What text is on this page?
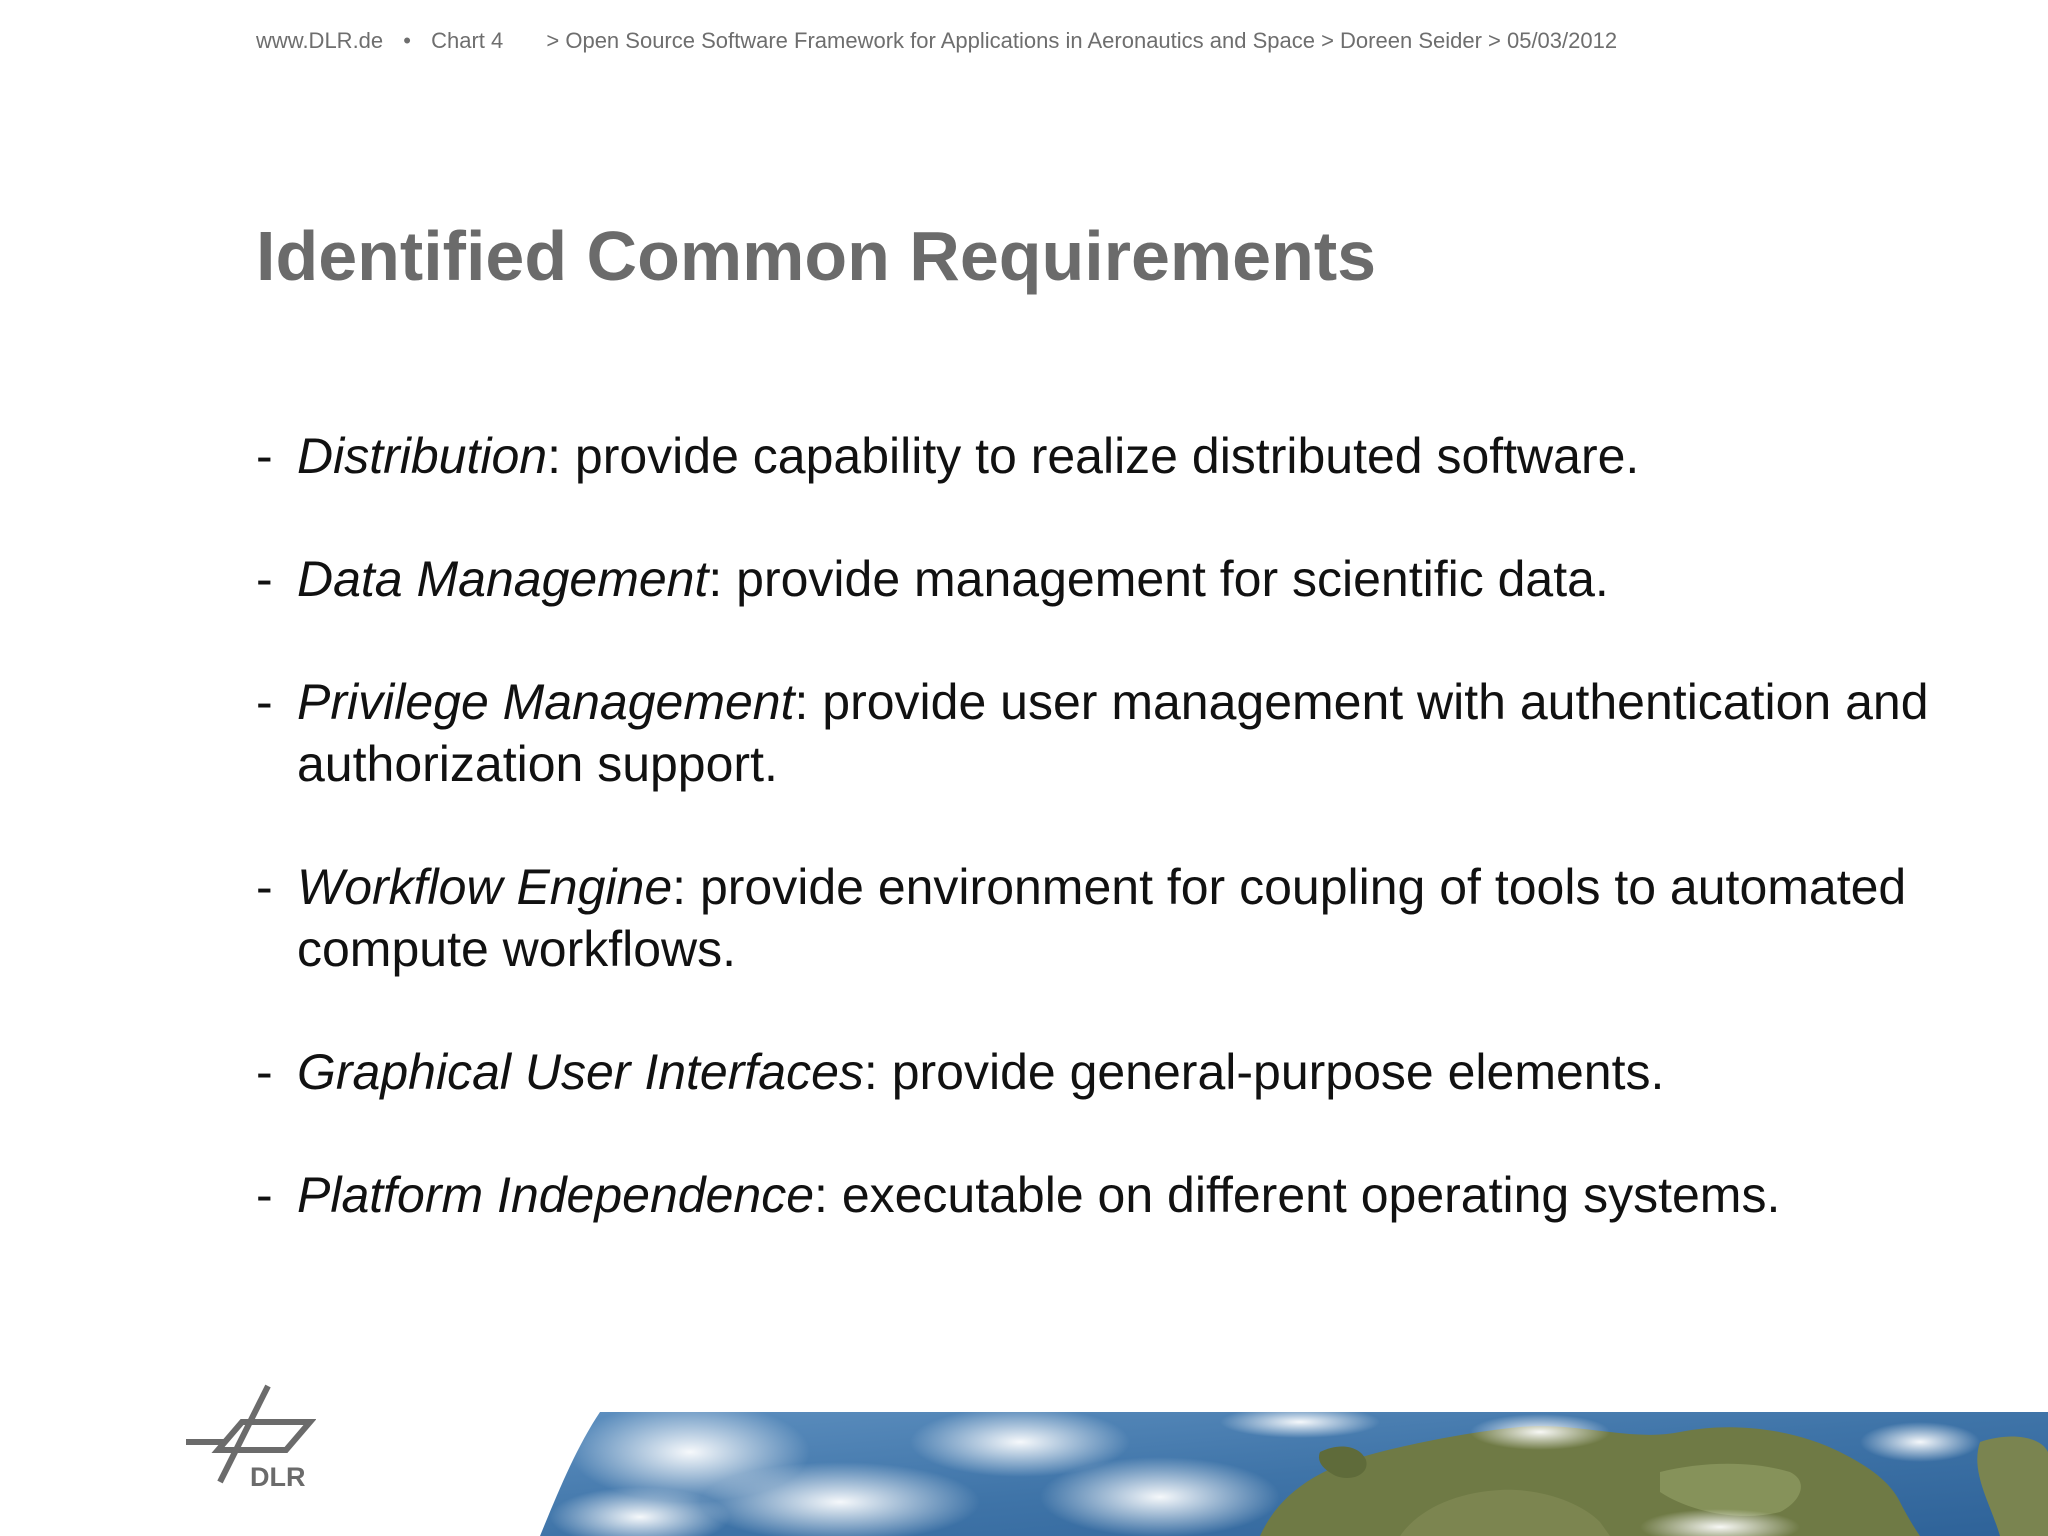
www.DLR.de • Chart 4 > Open Source Software Framework for Applications in Aeronautics and Space > Doreen Seider > 05/03/2012
Identified Common Requirements
- Distribution: provide capability to realize distributed software.
- Data Management: provide management for scientific data.
- Privilege Management: provide user management with authentication and authorization support.
- Workflow Engine: provide environment for coupling of tools to automated compute workflows.
- Graphical User Interfaces: provide general-purpose elements.
- Platform Independence: executable on different operating systems.
DLR
